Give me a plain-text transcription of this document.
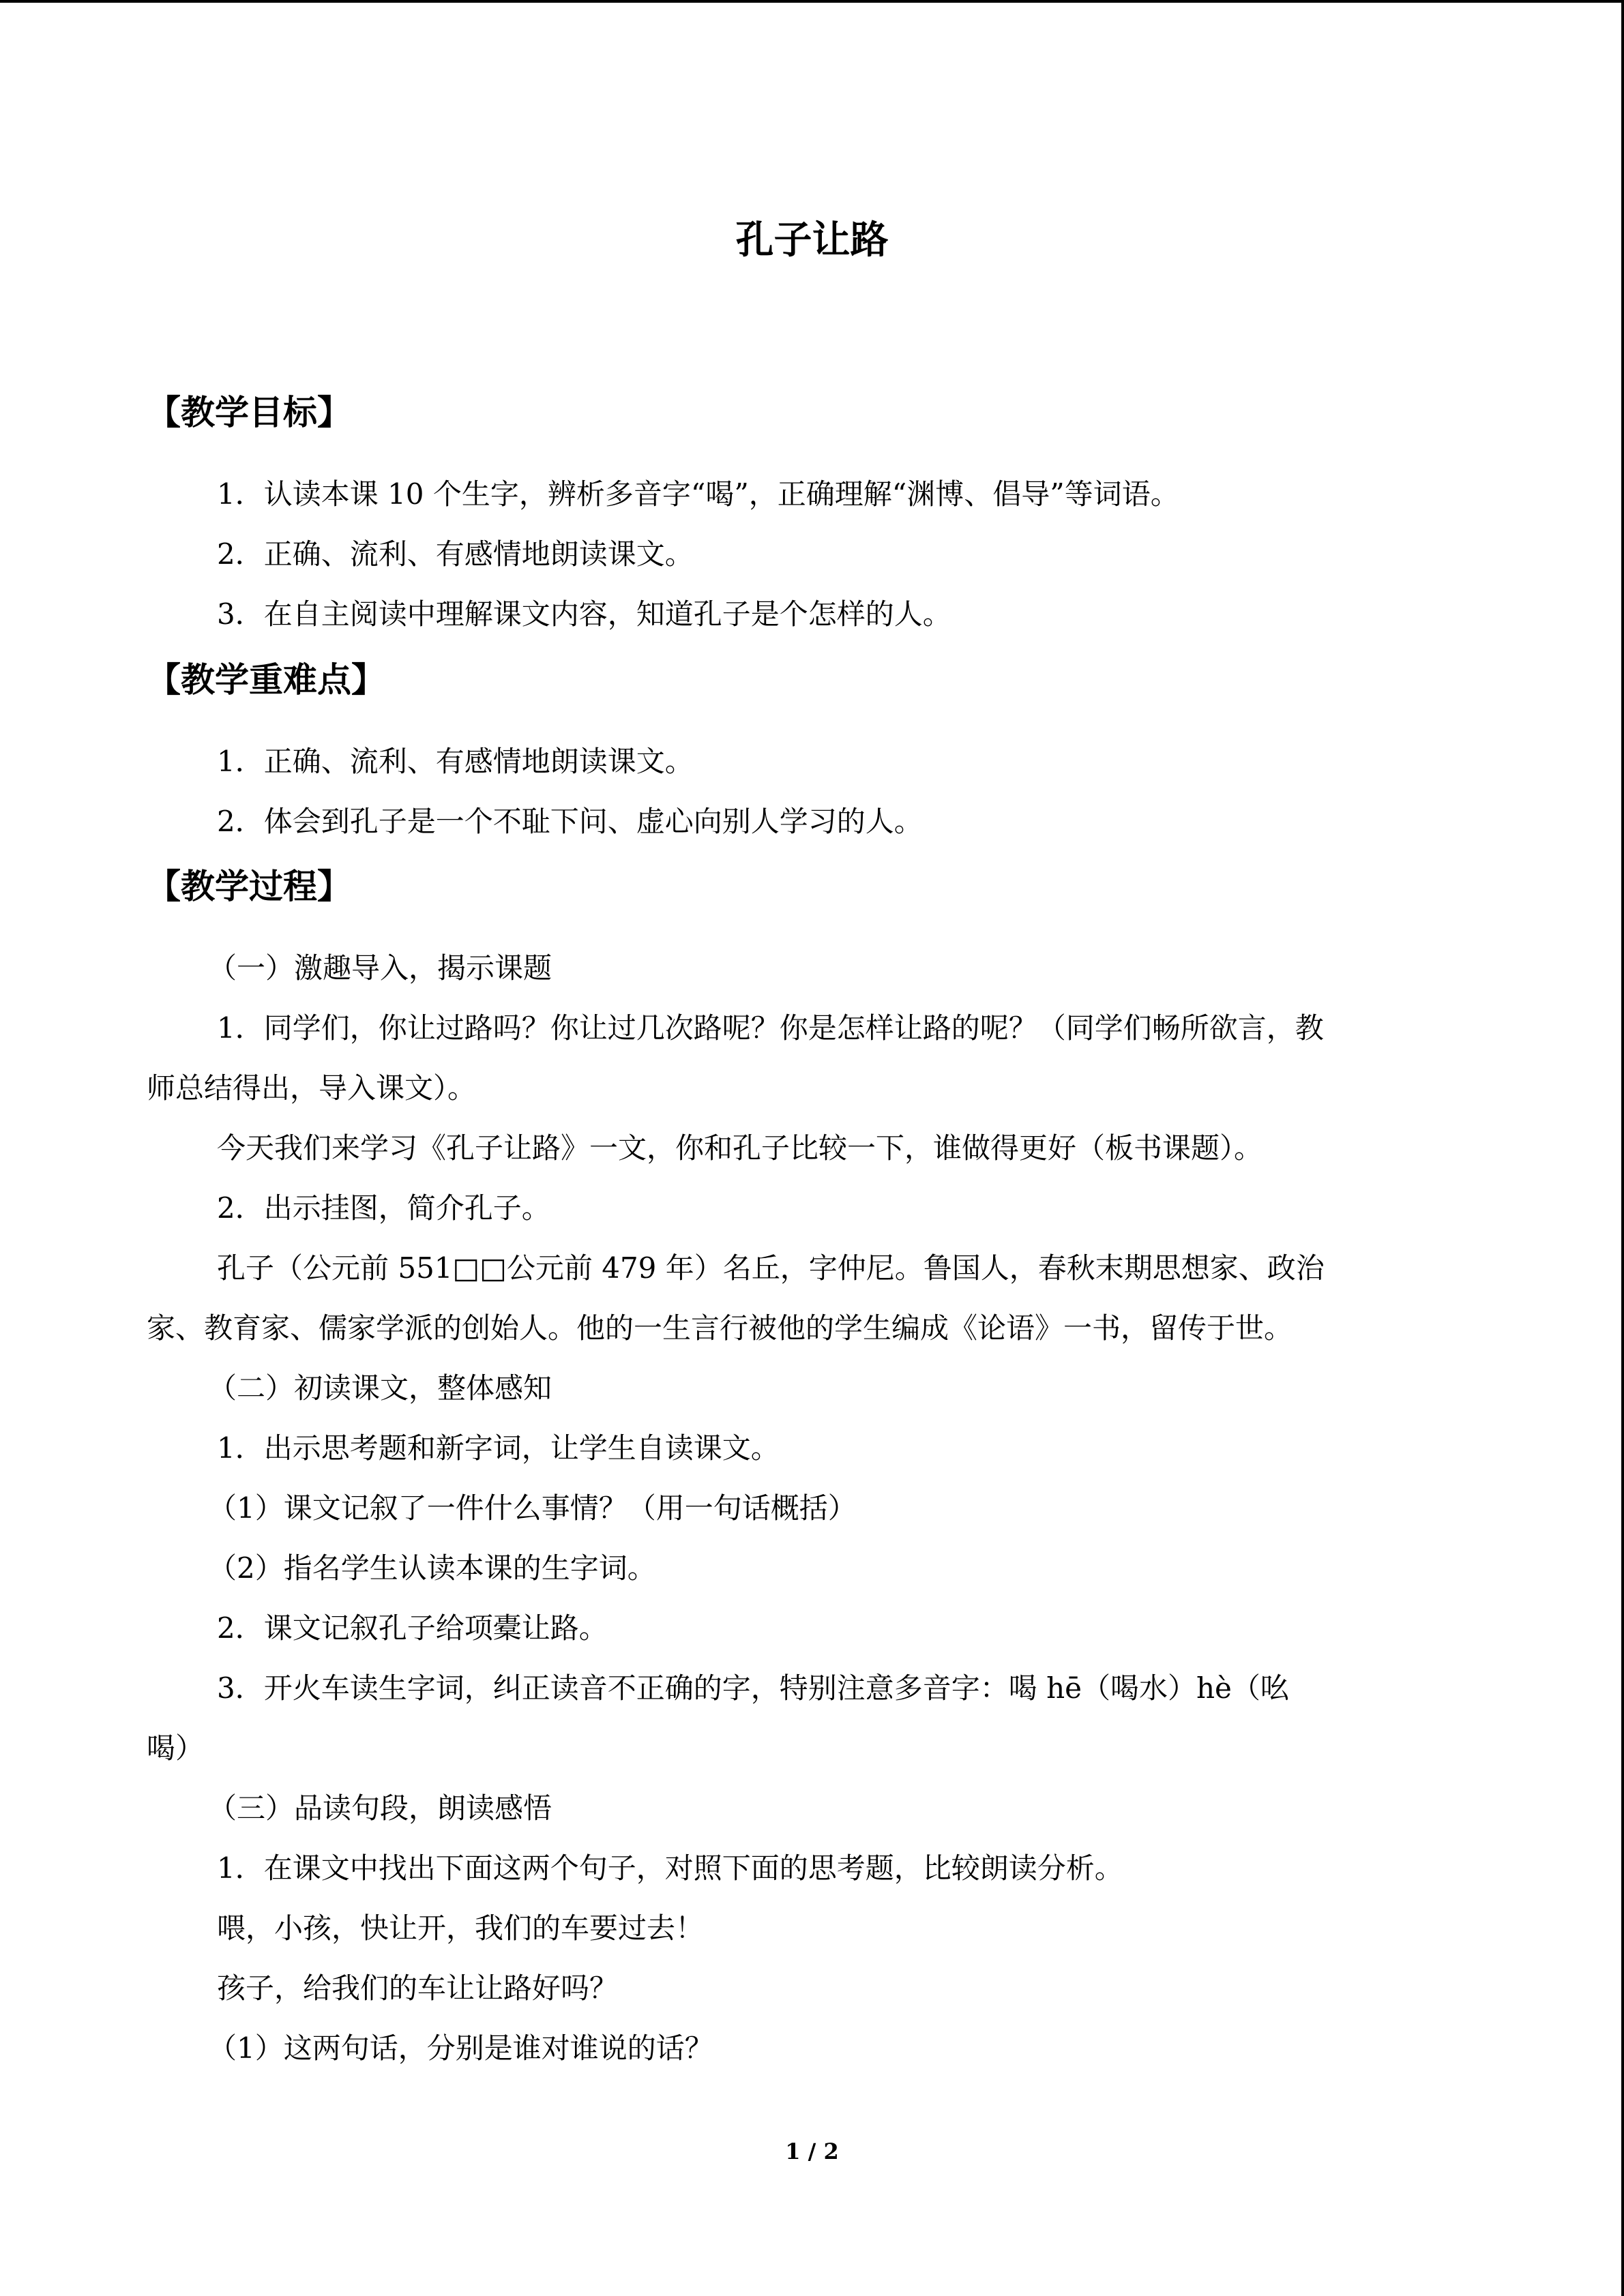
孔子让路
【教学目标】
1．认读本课 10 个生字，辨析多音字“喝”，正确理解“渊博、倡导”等词语。
2．正确、流利、有感情地朗读课文。
3．在自主阅读中理解课文内容，知道孔子是个怎样的人。
【教学重难点】
1．正确、流利、有感情地朗读课文。
2．体会到孔子是一个不耻下问、虚心向别人学习的人。
【教学过程】
（一）激趣导入，揭示课题
1．同学们，你让过路吗？你让过几次路呢？你是怎样让路的呢？（同学们畅所欲言，教
师总结得出，导入课文）。
今天我们来学习《孔子让路》一文，你和孔子比较一下，谁做得更好（板书课题）。
2．出示挂图，简介孔子。
孔子（公元前 551□□公元前 479 年）名丘，字仲尼。鲁国人，春秋末期思想家、政治
家、教育家、儒家学派的创始人。他的一生言行被他的学生编成《论语》一书，留传于世。
（二）初读课文，整体感知
1．出示思考题和新字词，让学生自读课文。
（1）课文记叙了一件什么事情？（用一句话概括）
（2）指名学生认读本课的生字词。
2．课文记叙孔子给项橐让路。
3．开火车读生字词，纠正读音不正确的字，特别注意多音字：喝 hē（喝水）hè（吆
喝）
（三）品读句段，朗读感悟
1．在课文中找出下面这两个句子，对照下面的思考题，比较朗读分析。
喂，小孩，快让开，我们的车要过去！
孩子，给我们的车让让路好吗？
（1）这两句话，分别是谁对谁说的话？
1 / 2
